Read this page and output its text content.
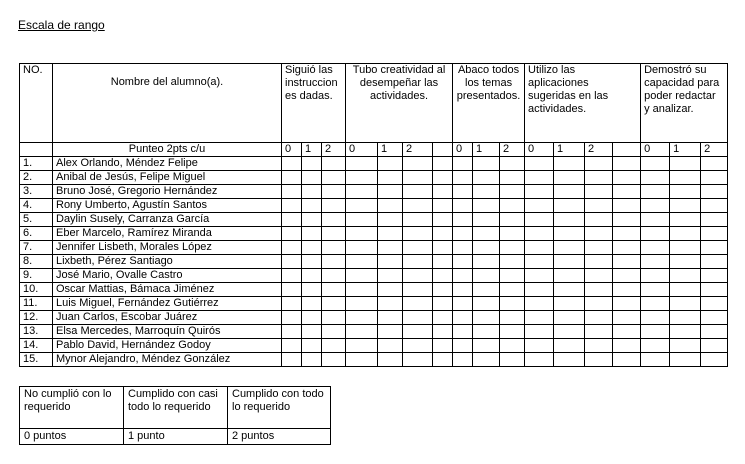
Escala de rango
NO.	Nombre del alumno(a).	Siguió las instruccion es dadas.			Tubo creatividad al desempeñar las actividades.				Abaco todos los temas presentados.			Utilizo las aplicaciones sugeridas en las actividades.				Demostró su capacidad para poder redactar y analizar.		
	Punteo 2pts c/u	0	1	2	0	1	2		0	1	2	0	1	2		0	1	2
1.	Alex Orlando, Méndez Felipe																	
2.	Anibal de Jesús, Felipe Miguel																	
3.	Bruno José, Gregorio Hernández																	
4.	Rony Umberto, Agustín Santos																	
5.	Daylin Susely, Carranza García																	
6.	Eber Marcelo, Ramírez Miranda																	
7.	Jennifer Lisbeth, Morales López																	
8.	Lixbeth, Pérez Santiago																	
9.	José Mario, Ovalle Castro																	
10.	Oscar Mattias, Bámaca Jiménez																	
11.	Luis Miguel, Fernández Gutiérrez																	
12.	Juan Carlos, Escobar Juárez																	
13.	Elsa Mercedes, Marroquín Quirós																	
14.	Pablo David, Hernández Godoy																	
15.	Mynor Alejandro, Méndez González																	
No cumplió con lo requerido	Cumplido con casi todo lo requerido	Cumplido con todo lo requerido
0 puntos	1 punto	2 puntos
